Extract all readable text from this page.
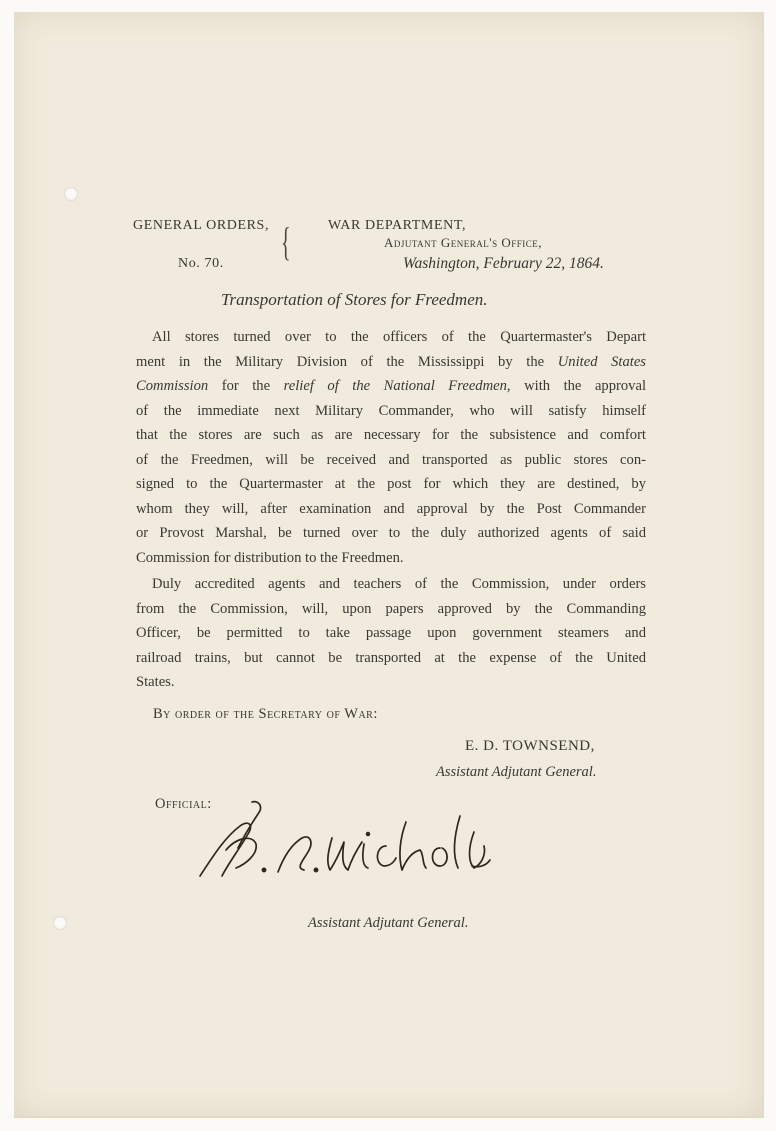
GENERAL ORDERS,
No. 70. {	WAR DEPARTMENT,
Adjutant General's Office,
Washington, February 22, 1864.
Transportation of Stores for Freedmen.
All stores turned over to the officers of the Quartermaster's Depart
ment in the Military Division of the Mississippi by the United States
Commission for the relief of the National Freedmen, with the approval
of the immediate next Military Commander, who will satisfy himself
that the stores are such as are necessary for the subsistence and comfort
of the Freedmen, will be received and transported as public stores con-
signed to the Quartermaster at the post for which they are destined, by
whom they will, after examination and approval by the Post Commander
or Provost Marshal, be turned over to the duly authorized agents of said
Commission for distribution to the Freedmen.
Duly accredited agents and teachers of the Commission, under orders
from the Commission, will, upon papers approved by the Commanding
Officer, be permitted to take passage upon government steamers and
railroad trains, but cannot be transported at the expense of the United
States.
By order of the Secretary of War:
E. D. TOWNSEND,
Assistant Adjutant General.
Official:
Assistant Adjutant General.
